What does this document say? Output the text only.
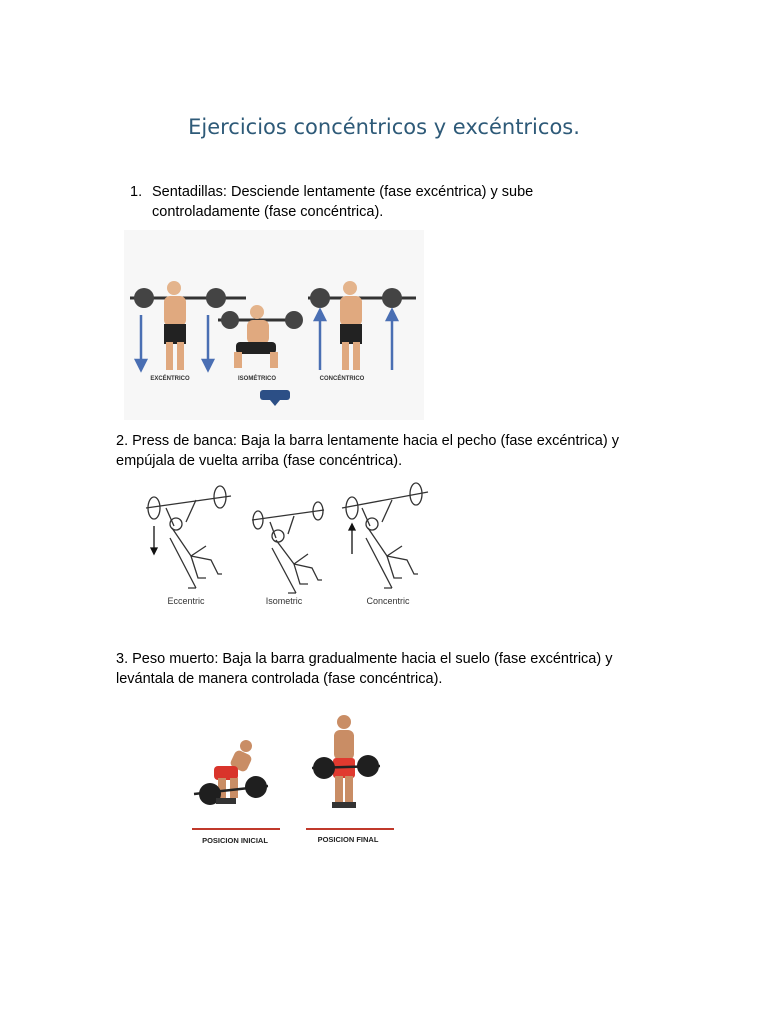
Ejercicios concéntricos y excéntricos.
1. Sentadillas: Desciende lentamente (fase excéntrica) y sube controladamente (fase concéntrica).
EXCÉNTRICO	ISOMÉTRICO	CONCÉNTRICO
2. Press de banca: Baja la barra lentamente hacia el pecho (fase excéntrica) y empújala de vuelta arriba (fase concéntrica).
Eccentric	Isometric	Concentric
3. Peso muerto: Baja la barra gradualmente hacia el suelo (fase excéntrica) y levántala de manera controlada (fase concéntrica).
POSICION INICIAL	POSICION FINAL
